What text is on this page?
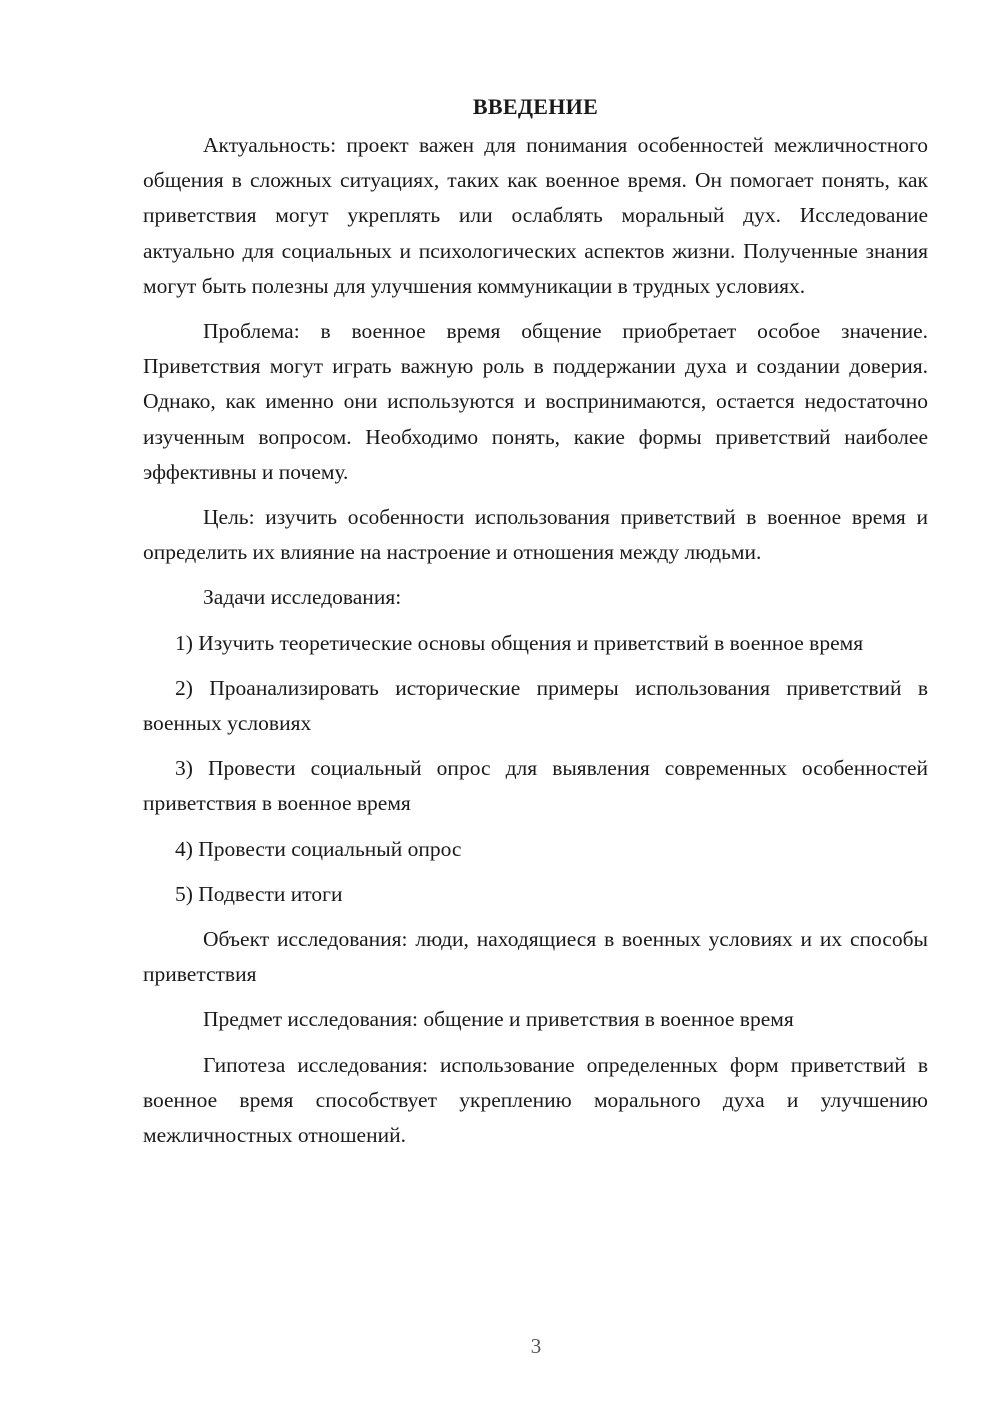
ВВЕДЕНИЕ

Актуальность: проект важен для понимания особенностей межличностного общения в сложных ситуациях, таких как военное время. Он помогает понять, как приветствия могут укреплять или ослаблять моральный дух. Исследование актуально для социальных и психологических аспектов жизни. Полученные знания могут быть полезны для улучшения коммуникации в трудных условиях.

Проблема: в военное время общение приобретает особое значение. Приветствия могут играть важную роль в поддержании духа и создании доверия. Однако, как именно они используются и воспринимаются, остается недостаточно изученным вопросом. Необходимо понять, какие формы приветствий наиболее эффективны и почему.

Цель: изучить особенности использования приветствий в военное время и определить их влияние на настроение и отношения между людьми.

Задачи исследования:

1) Изучить теоретические основы общения и приветствий в военное время

2) Проанализировать исторические примеры использования приветствий в военных условиях

3) Провести социальный опрос для выявления современных особенностей приветствия в военное время

4) Провести социальный опрос

5) Подвести итоги

Объект исследования: люди, находящиеся в военных условиях и их способы приветствия

Предмет исследования: общение и приветствия в военное время

Гипотеза исследования: использование определенных форм приветствий в военное время способствует укреплению морального духа и улучшению межличностных отношений.

3
